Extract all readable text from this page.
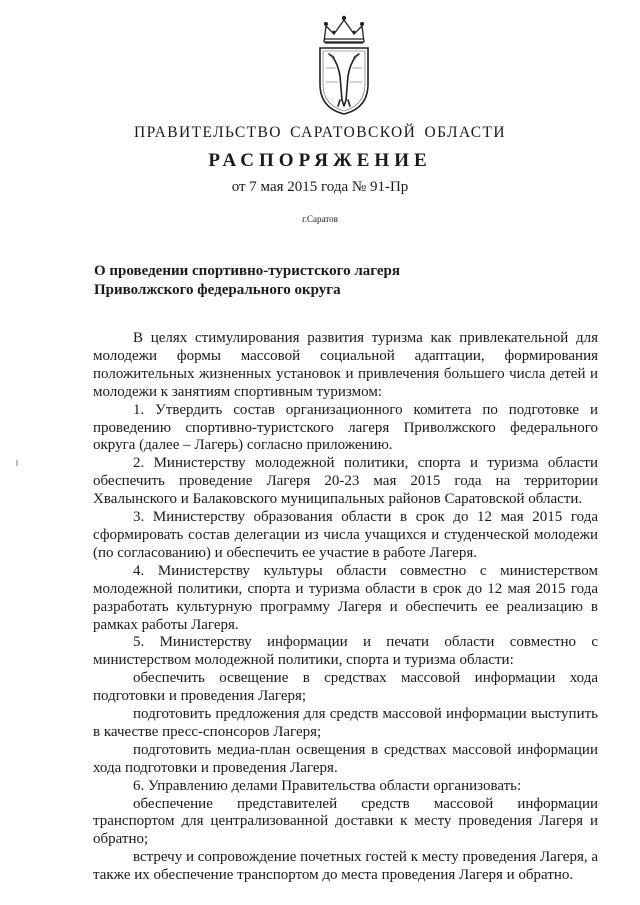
ПРАВИТЕЛЬСТВО САРАТОВСКОЙ ОБЛАСТИ
РАСПОРЯЖЕНИЕ
от 7 мая 2015 года № 91-Пр
г.Саратов
О проведении спортивно-туристского лагеря
Приволжского федерального округа

В целях стимулирования развития туризма как привлекательной для молодежи формы массовой социальной адаптации, формирования положительных жизненных установок и привлечения большего числа детей и молодежи к занятиям спортивным туризмом:

1. Утвердить состав организационного комитета по подготовке и проведению спортивно-туристского лагеря Приволжского федерального округа (далее – Лагерь) согласно приложению.

2. Министерству молодежной политики, спорта и туризма области обеспечить проведение Лагеря 20-23 мая 2015 года на территории Хвалынского и Балаковского муниципальных районов Саратовской области.

3. Министерству образования области в срок до 12 мая 2015 года сформировать состав делегации из числа учащихся и студенческой молодежи (по согласованию) и обеспечить ее участие в работе Лагеря.

4. Министерству культуры области совместно с министерством молодежной политики, спорта и туризма области в срок до 12 мая 2015 года разработать культурную программу Лагеря и обеспечить ее реализацию в рамках работы Лагеря.

5. Министерству информации и печати области совместно с министерством молодежной политики, спорта и туризма области:

обеспечить освещение в средствах массовой информации хода подготовки и проведения Лагеря;

подготовить предложения для средств массовой информации выступить в качестве пресс-спонсоров Лагеря;

подготовить медиа-план освещения в средствах массовой информации хода подготовки и проведения Лагеря.

6. Управлению делами Правительства области организовать:

обеспечение представителей средств массовой информации транспортом для централизованной доставки к месту проведения Лагеря и обратно;

встречу и сопровождение почетных гостей к месту проведения Лагеря, а также их обеспечение транспортом до места проведения Лагеря и обратно.
